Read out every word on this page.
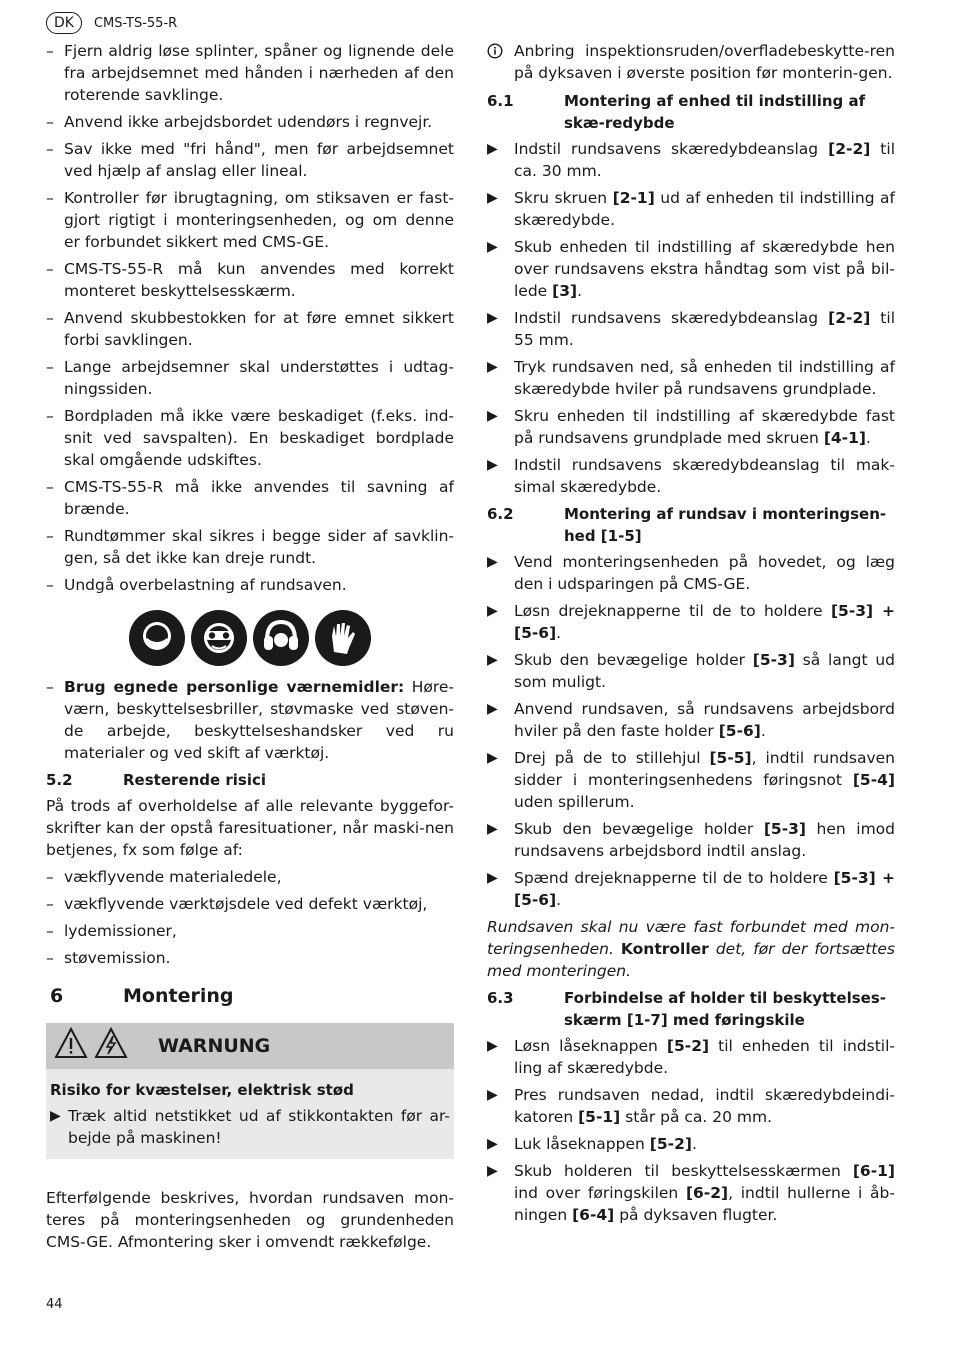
DK	CMS-TS-55-R
– Fjern aldrig løse splinter, spåner og lignende dele fra arbejdsemnet med hånden i nærheden af den roterende savklinge.
– Anvend ikke arbejdsbordet udendørs i regnvejr.
– Sav ikke med "fri hånd", men før arbejdsemnet ved hjælp af anslag eller lineal.
– Kontroller før ibrugtagning, om stiksaven er fast-gjort rigtigt i monteringsenheden, og om denne er forbundet sikkert med CMS-GE.
– CMS-TS-55-R må kun anvendes med korrekt monteret beskyttelsesskærm.
– Anvend skubbestokken for at føre emnet sikkert forbi savklingen.
– Lange arbejdsemner skal understøttes i udtag-ningssiden.
– Bordpladen må ikke være beskadiget (f.eks. ind-snit ved savspalten). En beskadiget bordplade skal omgående udskiftes.
– CMS-TS-55-R må ikke anvendes til savning af brænde.
– Rundtømmer skal sikres i begge sider af savklin-gen, så det ikke kan dreje rundt.
– Undgå overbelastning af rundsaven.
– Brug egnede personlige værnemidler: Høre-værn, beskyttelsesbriller, støvmaske ved støven-de arbejde, beskyttelseshandsker ved ru materialer og ved skift af værktøj.
5.2	Resterende risici
På trods af overholdelse af alle relevante byggefor-skrifter kan der opstå faresituationer, når maski-nen betjenes, fx som følge af:
– vækflyvende materialedele,
– vækflyvende værktøjsdele ved defekt værktøj,
– lydemissioner,
– støvemission.
6	Montering
WARNUNG
Risiko for kvæstelser, elektrisk stød
▶ Træk altid netstikket ud af stikkontakten før ar-bejde på maskinen!
Efterfølgende beskrives, hvordan rundsaven mon-teres på monteringsenheden og grundenheden CMS-GE. Afmontering sker i omvendt rækkefølge.
Anbring inspektionsruden/overfladebeskytte-ren på dyksaven i øverste position før monterin-gen.
6.1	Montering af enhed til indstilling af skæ-redybde
▶ Indstil rundsavens skæredybdeanslag [2-2] til ca. 30 mm.
▶ Skru skruen [2-1] ud af enheden til indstilling af skæredybde.
▶ Skub enheden til indstilling af skæredybde hen over rundsavens ekstra håndtag som vist på bil-lede [3].
▶ Indstil rundsavens skæredybdeanslag [2-2] til 55 mm.
▶ Tryk rundsaven ned, så enheden til indstilling af skæredybde hviler på rundsavens grundplade.
▶ Skru enheden til indstilling af skæredybde fast på rundsavens grundplade med skruen [4-1].
▶ Indstil rundsavens skæredybdeanslag til mak-simal skæredybde.
6.2	Montering af rundsav i monteringsen-hed [1-5]
▶ Vend monteringsenheden på hovedet, og læg den i udsparingen på CMS-GE.
▶ Løsn drejeknapperne til de to holdere [5-3] + [5-6].
▶ Skub den bevægelige holder [5-3] så langt ud som muligt.
▶ Anvend rundsaven, så rundsavens arbejdsbord hviler på den faste holder [5-6].
▶ Drej på de to stillehjul [5-5], indtil rundsaven sidder i monteringsenhedens føringsnot [5-4] uden spillerum.
▶ Skub den bevægelige holder [5-3] hen imod rundsavens arbejdsbord indtil anslag.
▶ Spænd drejeknapperne til de to holdere [5-3] + [5-6].
Rundsaven skal nu være fast forbundet med mon-teringsenheden. Kontroller det, før der fortsættes med monteringen.
6.3	Forbindelse af holder til beskyttelses-skærm [1-7] med føringskile
▶ Løsn låseknappen [5-2] til enheden til indstil-ling af skæredybde.
▶ Pres rundsaven nedad, indtil skæredybdeindi-katoren [5-1] står på ca. 20 mm.
▶ Luk låseknappen [5-2].
▶ Skub holderen til beskyttelsesskærmen [6-1] ind over føringskilen [6-2], indtil hullerne i åb-ningen [6-4] på dyksaven flugter.
44
